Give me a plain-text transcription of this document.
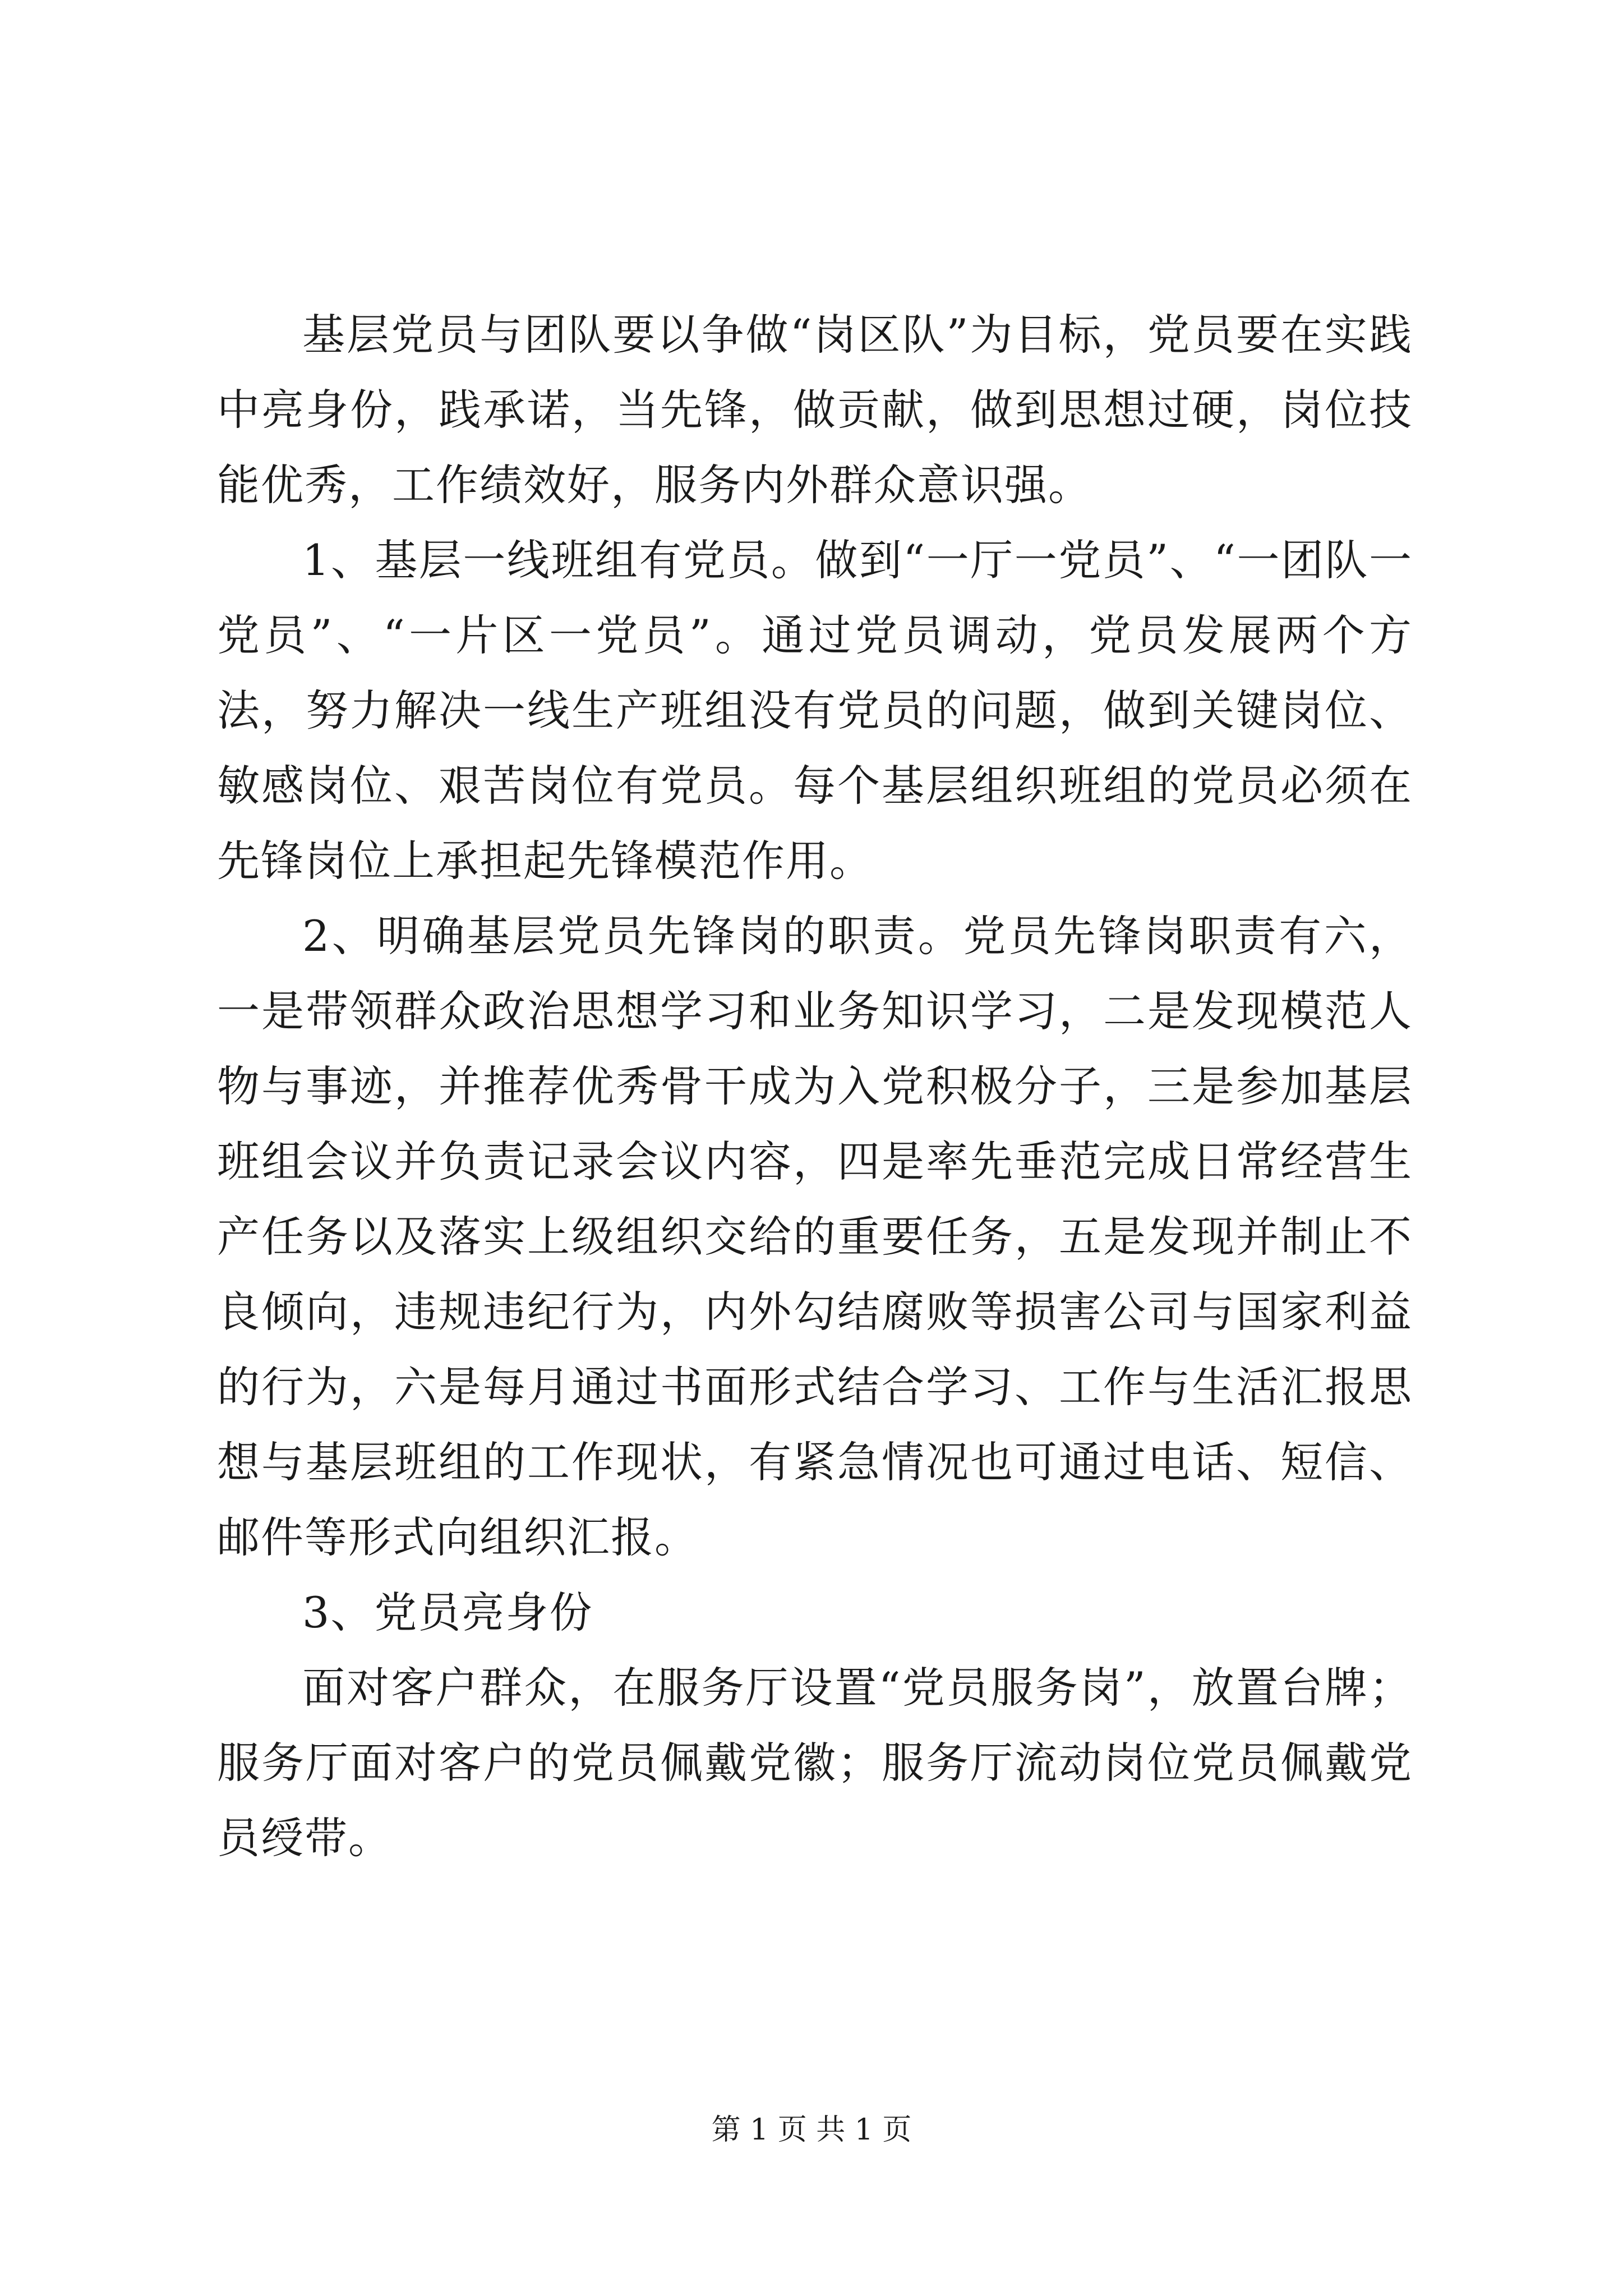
基层党员与团队要以争做“岗区队”为目标，党员要在实践中亮身份，践承诺，当先锋，做贡献，做到思想过硬，岗位技能优秀，工作绩效好，服务内外群众意识强。

1、基层一线班组有党员。做到“一厅一党员”、“一团队一党员”、“一片区一党员”。通过党员调动，党员发展两个方法，努力解决一线生产班组没有党员的问题，做到关键岗位、敏感岗位、艰苦岗位有党员。每个基层组织班组的党员必须在先锋岗位上承担起先锋模范作用。

2、明确基层党员先锋岗的职责。党员先锋岗职责有六，一是带领群众政治思想学习和业务知识学习，二是发现模范人物与事迹，并推荐优秀骨干成为入党积极分子，三是参加基层班组会议并负责记录会议内容，四是率先垂范完成日常经营生产任务以及落实上级组织交给的重要任务，五是发现并制止不良倾向，违规违纪行为，内外勾结腐败等损害公司与国家利益的行为，六是每月通过书面形式结合学习、工作与生活汇报思想与基层班组的工作现状，有紧急情况也可通过电话、短信、邮件等形式向组织汇报。

3、党员亮身份

面对客户群众，在服务厅设置“党员服务岗”，放置台牌；服务厅面对客户的党员佩戴党徽；服务厅流动岗位党员佩戴党员绶带。

第 1 页 共 1 页
